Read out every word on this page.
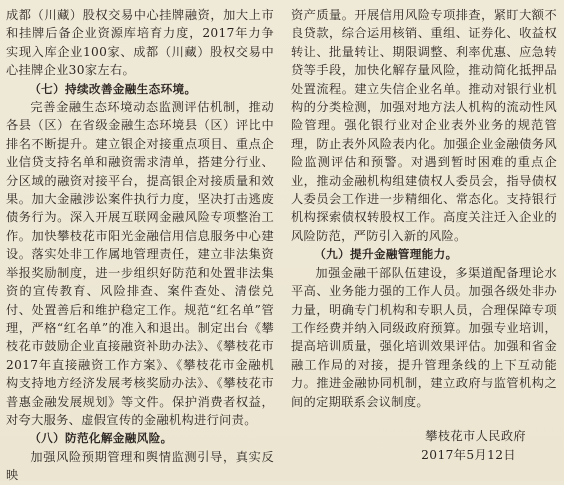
成都（川藏）股权交易中心挂牌融资，加大上市和挂牌后备企业资源库培育力度，2017年力争实现入库企业100家、成都（川藏）股权交易中心挂牌企业30家左右。

（七）持续改善金融生态环境。

完善金融生态环境动态监测评估机制，推动各县（区）在省级金融生态环境县（区）评比中排名不断提升。建立银企对接重点项目、重点企业信贷支持名单和融资需求清单，搭建分行业、分区域的融资对接平台，提高银企对接质量和效果。加大金融涉讼案件执行力度，坚决打击逃废债务行为。深入开展互联网金融风险专项整治工作。加快攀枝花市阳光金融信用信息服务中心建设。落实处非工作属地管理责任，建立非法集资举报奖励制度，进一步组织好防范和处置非法集资的宣传教育、风险排查、案件查处、清偿兑付、处置善后和维护稳定工作。规范“红名单”管理，严格“红名单”的准入和退出。制定出台《攀枝花市鼓励企业直接融资补助办法》、《攀枝花市2017年直接融资工作方案》、《攀枝花市金融机构支持地方经济发展考核奖励办法》、《攀枝花市普惠金融发展规划》等文件。保护消费者权益，对夸大服务、虚假宣传的金融机构进行问责。

（八）防范化解金融风险。

加强风险预期管理和舆情监测引导，真实反映

资产质量。开展信用风险专项排查，紧盯大额不良贷款，综合运用核销、重组、证券化、收益权转让、批量转让、期限调整、利率优惠、应急转贷等手段，加快化解存量风险，推动简化抵押品处置流程。建立失信企业名单。推动对银行业机构的分类检测，加强对地方法人机构的流动性风险管理。强化银行业对企业表外业务的规范管理，防止表外风险表内化。加强企业金融债务风险监测评估和预警。对遇到暂时困难的重点企业，推动金融机构组建债权人委员会，指导债权人委员会工作进一步精细化、常态化。支持银行机构探索债权转股权工作。高度关注迁入企业的风险防范，严防引入新的风险。

（九）提升金融管理能力。

加强金融干部队伍建设，多渠道配备理论水平高、业务能力强的工作人员。加强各级处非办力量，明确专门机构和专职人员，合理保障专项工作经费并纳入同级政府预算。加强专业培训，提高培训质量，强化培训效果评估。加强和省金融工作局的对接，提升管理条线的上下互动能力。推进金融协同机制，建立政府与监管机构之间的定期联系会议制度。

攀枝花市人民政府
2017年5月12日
